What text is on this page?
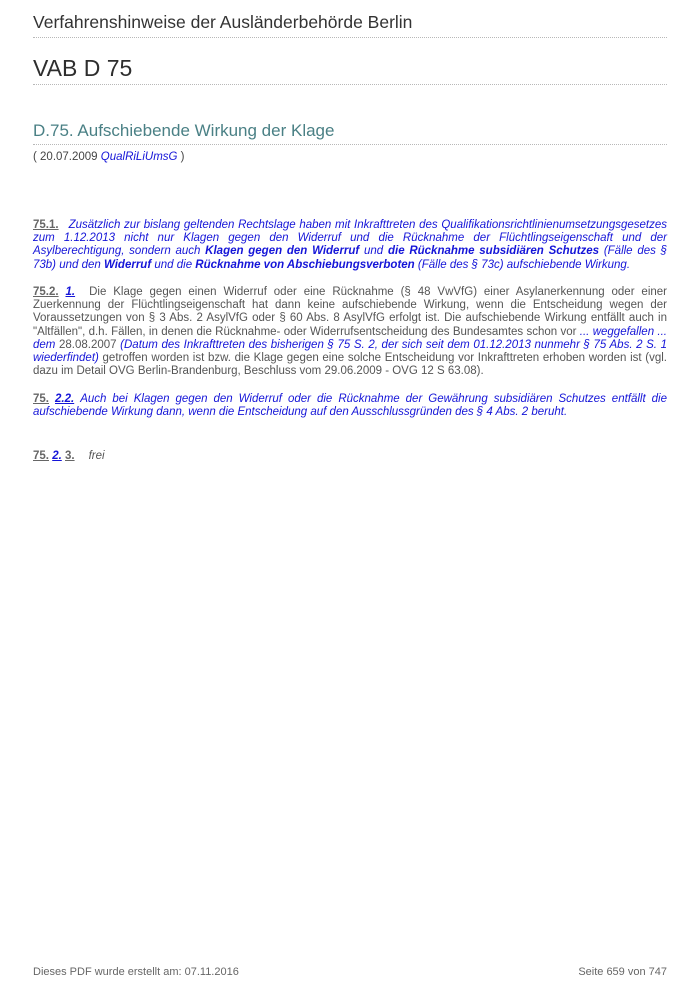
Verfahrenshinweise der Ausländerbehörde Berlin
VAB D 75
D.75. Aufschiebende Wirkung der Klage
( 20.07.2009 QualRiLiUmsG )
75.1. Zusätzlich zur bislang geltenden Rechtslage haben mit Inkrafttreten des Qualifikationsrichtlinienumsetzungsgesetzes zum 1.12.2013 nicht nur Klagen gegen den Widerruf und die Rücknahme der Flüchtlingseigenschaft und der Asylberechtigung, sondern auch Klagen gegen den Widerruf und die Rücknahme subsidiären Schutzes (Fälle des § 73b) und den Widerruf und die Rücknahme von Abschiebungsverboten (Fälle des § 73c) aufschiebende Wirkung.
75.2. 1. Die Klage gegen einen Widerruf oder eine Rücknahme (§ 48 VwVfG) einer Asylanerkennung oder einer Zuerkennung der Flüchtlingseigenschaft hat dann keine aufschiebende Wirkung, wenn die Entscheidung wegen der Voraussetzungen von § 3 Abs. 2 AsylVfG oder § 60 Abs. 8 AsylVfG erfolgt ist. Die aufschiebende Wirkung entfällt auch in "Altfällen", d.h. Fällen, in denen die Rücknahme- oder Widerrufsentscheidung des Bundesamtes schon vor ... weggefallen ... dem 28.08.2007 (Datum des Inkrafttreten des bisherigen § 75 S. 2, der sich seit dem 01.12.2013 nunmehr § 75 Abs. 2 S. 1 wiederfindet) getroffen worden ist bzw. die Klage gegen eine solche Entscheidung vor Inkrafttreten erhoben worden ist (vgl. dazu im Detail OVG Berlin-Brandenburg, Beschluss vom 29.06.2009 - OVG 12 S 63.08).
75. 2.2. Auch bei Klagen gegen den Widerruf oder die Rücknahme der Gewährung subsidiären Schutzes entfällt die aufschiebende Wirkung dann, wenn die Entscheidung auf den Ausschlussgründen des § 4 Abs. 2 beruht.
75. 2. 3. frei
Dieses PDF wurde erstellt am: 07.11.2016	Seite 659 von 747
